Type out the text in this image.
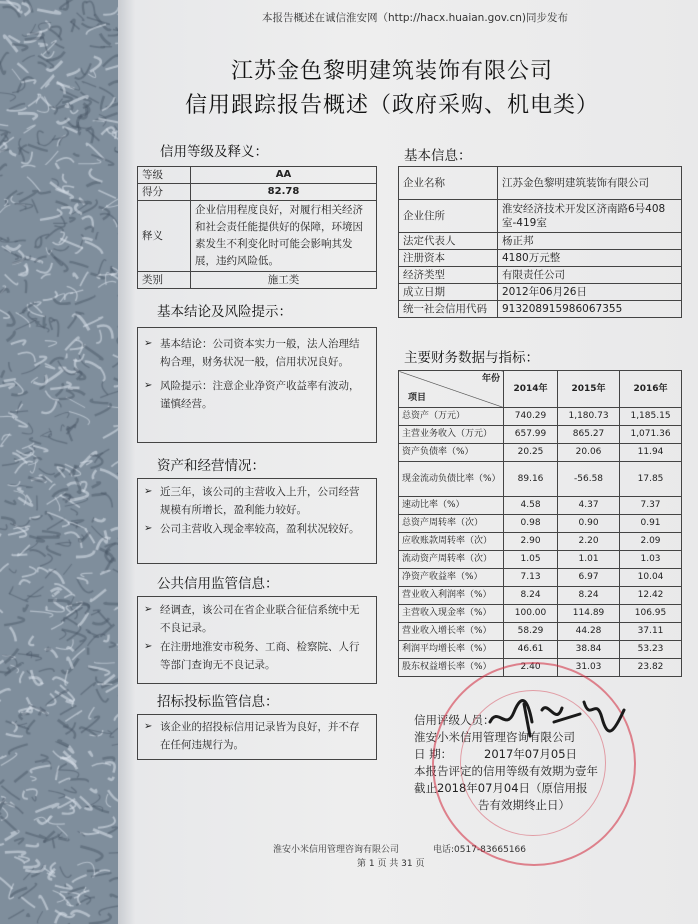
本报告概述在诚信淮安网（http://hacx.huaian.gov.cn)同步发布
江苏金色黎明建筑装饰有限公司
信用跟踪报告概述（政府采购、机电类）
信用等级及释义：
等级	AA
得分	82.78
释义	企业信用程度良好，对履行相关经济和社会责任能提供好的保障，环境因素发生不利变化时可能会影响其发展，违约风险低。
类别	施工类
基本结论及风险提示：
➢ 基本结论：公司资本实力一般，法人治理结构合理，财务状况一般，信用状况良好。
➢ 风险提示：注意企业净资产收益率有波动，谨慎经营。
资产和经营情况：
➢ 近三年，该公司的主营收入上升，公司经营规模有所增长，盈利能力较好。
➢ 公司主营收入现金率较高，盈利状况较好。
公共信用监管信息：
➢ 经调查，该公司在省企业联合征信系统中无不良记录。
➢ 在注册地淮安市税务、工商、检察院、人行等部门查询无不良记录。
招标投标监管信息：
➢ 该企业的招投标信用记录皆为良好，并不存在任何违规行为。
基本信息：
企业名称	江苏金色黎明建筑装饰有限公司
企业住所	淮安经济技术开发区济南路6号408室-419室
法定代表人	杨正邦
注册资本	4180万元整
经济类型	有限责任公司
成立日期	2012年06月26日
统一社会信用代码	913208915986067355
主要财务数据与指标：
年份
项目	2014年	2015年	2016年
总资产（万元）	740.29	1,180.73	1,185.15
主营业务收入（万元）	657.99	865.27	1,071.36
资产负债率（%）	20.25	20.06	11.94
现金流动负债比率（%）	89.16	-56.58	17.85
速动比率（%）	4.58	4.37	7.37
总资产周转率（次）	0.98	0.90	0.91
应收账款周转率（次）	2.90	2.20	2.09
流动资产周转率（次）	1.05	1.01	1.03
净资产收益率（%）	7.13	6.97	10.04
营业收入利润率（%）	8.24	8.24	12.42
主营收入现金率（%）	100.00	114.89	106.95
营业收入增长率（%）	58.29	44.28	37.11
利润平均增长率（%）	46.61	38.84	53.23
股东权益增长率（%）	2.40	31.03	23.82
信用评级人员：
淮安小米信用管理咨询有限公司
日 期：	2017年07月05日
本报告评定的信用等级有效期为壹年
截止2018年07月04日（原信用报
告有效期终止日）
淮安小米信用管理咨询有限公司	电话:0517-83665166
第 1 页 共 31 页
